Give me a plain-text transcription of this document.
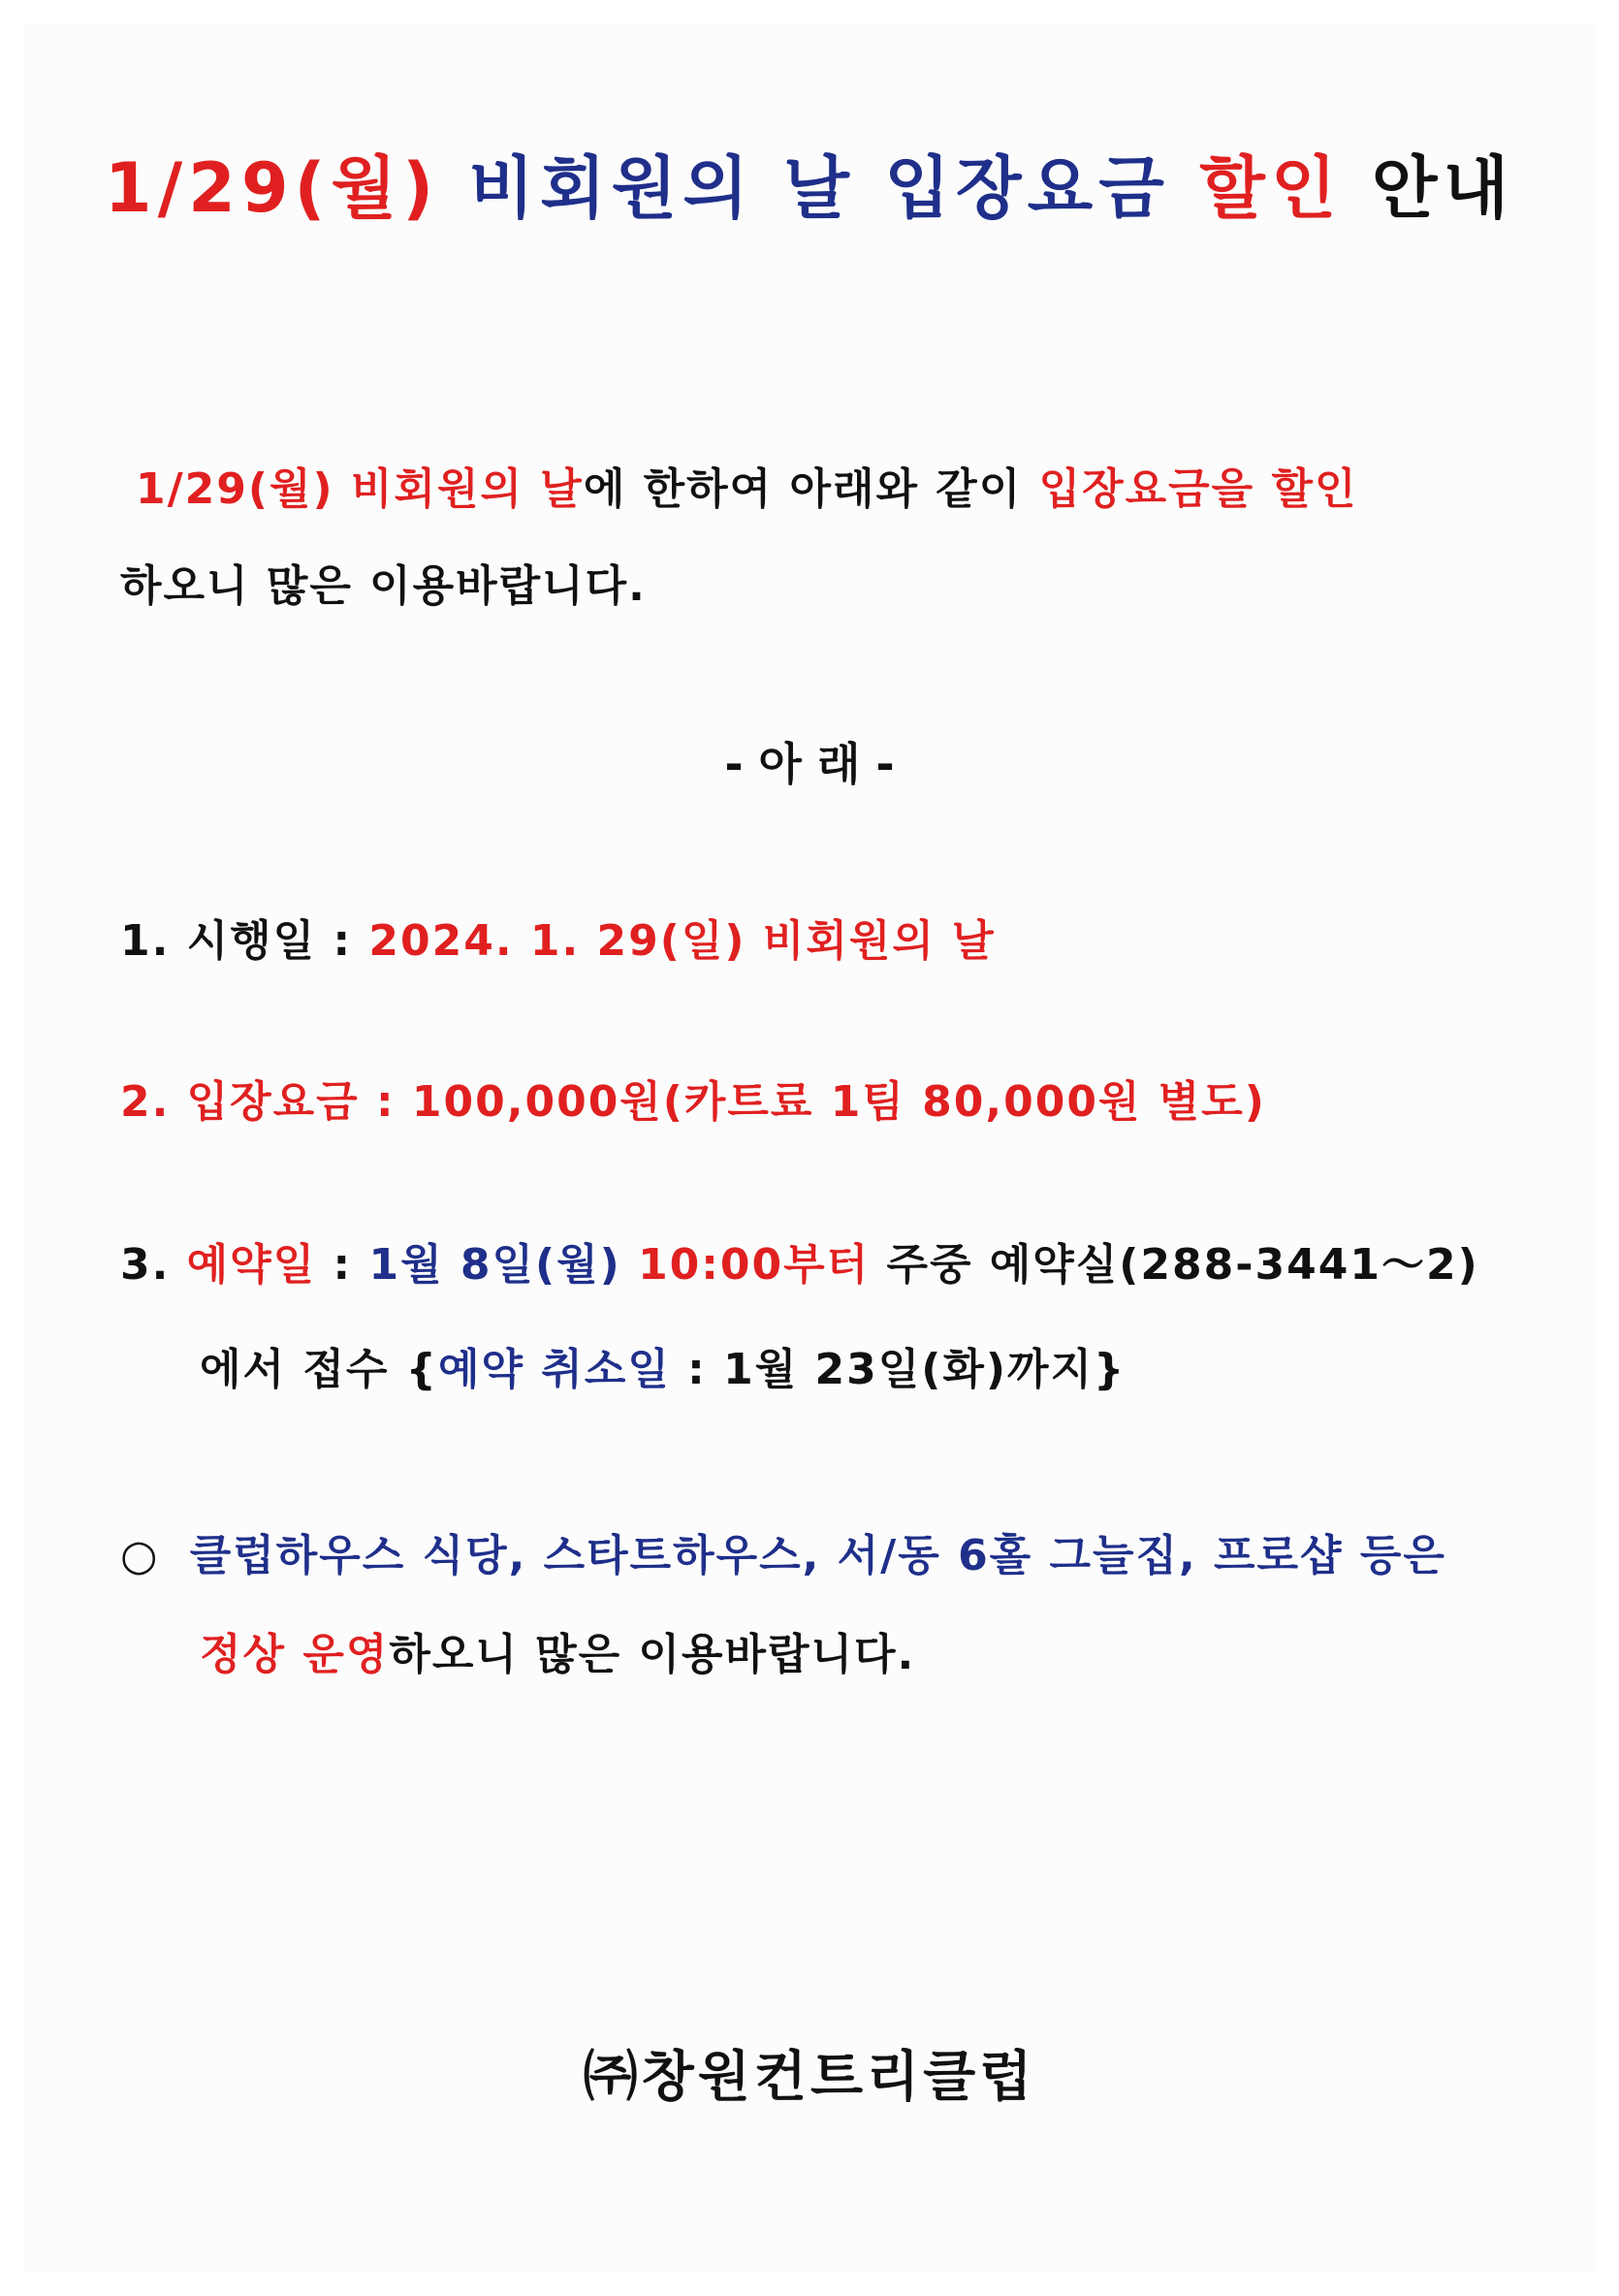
1/29(월) 비회원의 날 입장요금 할인 안내
1/29(월) 비회원의 날에 한하여 아래와 같이 입장요금을 할인
하오니 많은 이용바랍니다.
- 아 래 -
1. 시행일 : 2024. 1. 29(일) 비회원의 날
2. 입장요금 : 100,000원(카트료 1팀 80,000원 별도)
3. 예약일 : 1월 8일(월) 10:00부터 주중 예약실(288-3441～2)
에서 접수 {예약 취소일 : 1월 23일(화)까지}
○ 클럽하우스 식당, 스타트하우스, 서/동 6홀 그늘집, 프로샵 등은
정상 운영하오니 많은 이용바랍니다.
㈜창원컨트리클럽
